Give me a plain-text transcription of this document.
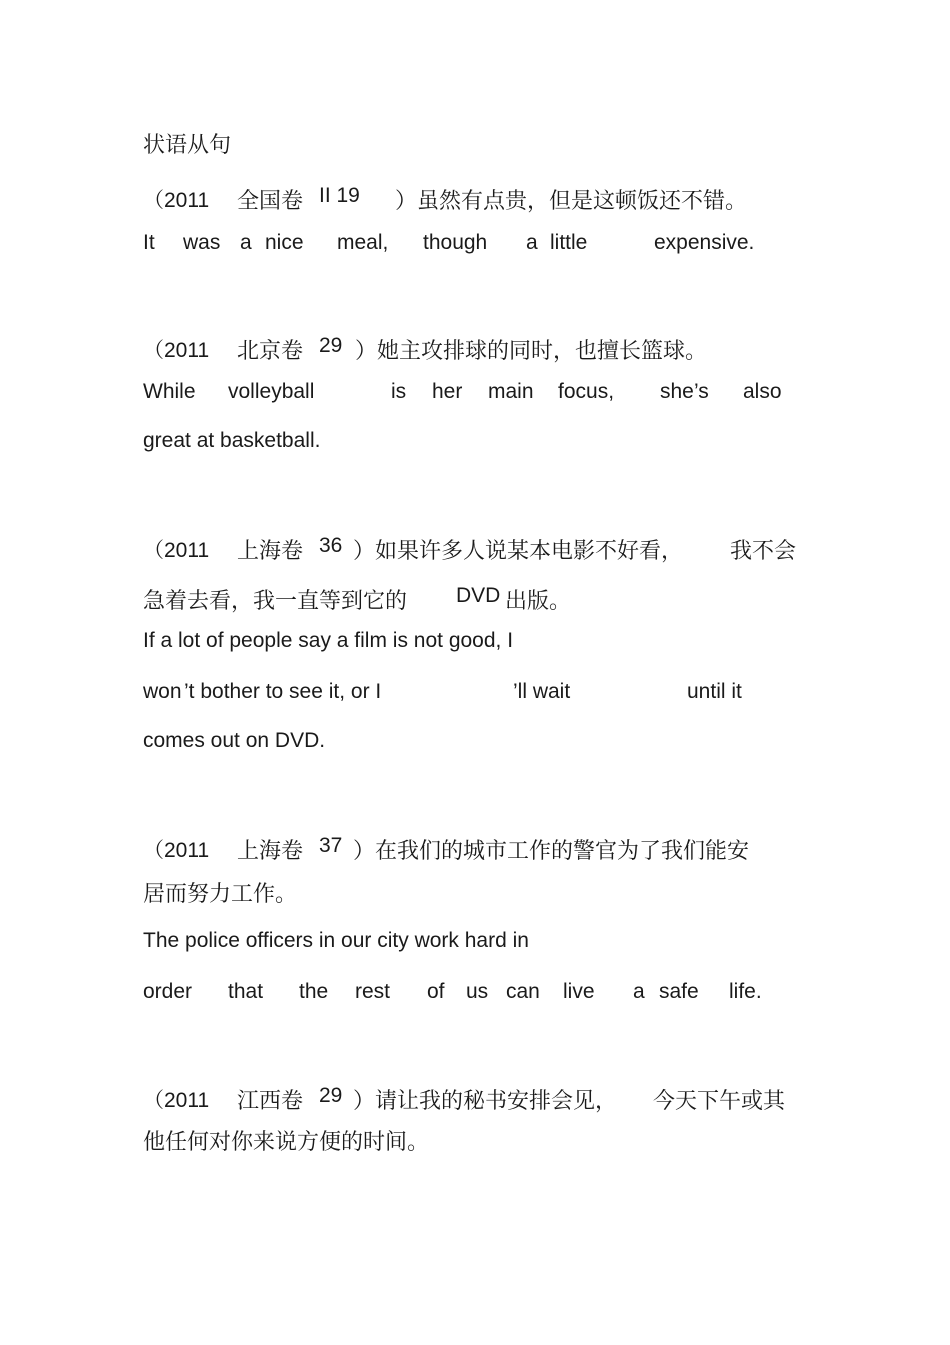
状语从句
（2011 全国卷 II 19 ）虽然有点贵，但是这顿饭还不错。
It was a nice meal, though a little	expensive.
（2011 北京卷 29 ）她主攻排球的同时，也擅长篮球。
While volleyball	is her main focus, she ’s also
great at basketball.
（2011 上海卷 36 ）如果许多人说某本电影不好看， 我不会
急着去看，我一直等到它的 DVD 出版。
If a lot of people say a film is not good, I
won ’t bother to see it, or I	’ll wait	until it
comes out on DVD.
（2011 上海卷 37 ）在我们的城市工作的警官为了我们能安
居而努力工作。
The police officers in our city work hard in
order that the rest of us can live a safe life.
（2011 江西卷 29 ）请让我的秘书安排会见， 今天下午或其
他任何对你来说方便的时间。
